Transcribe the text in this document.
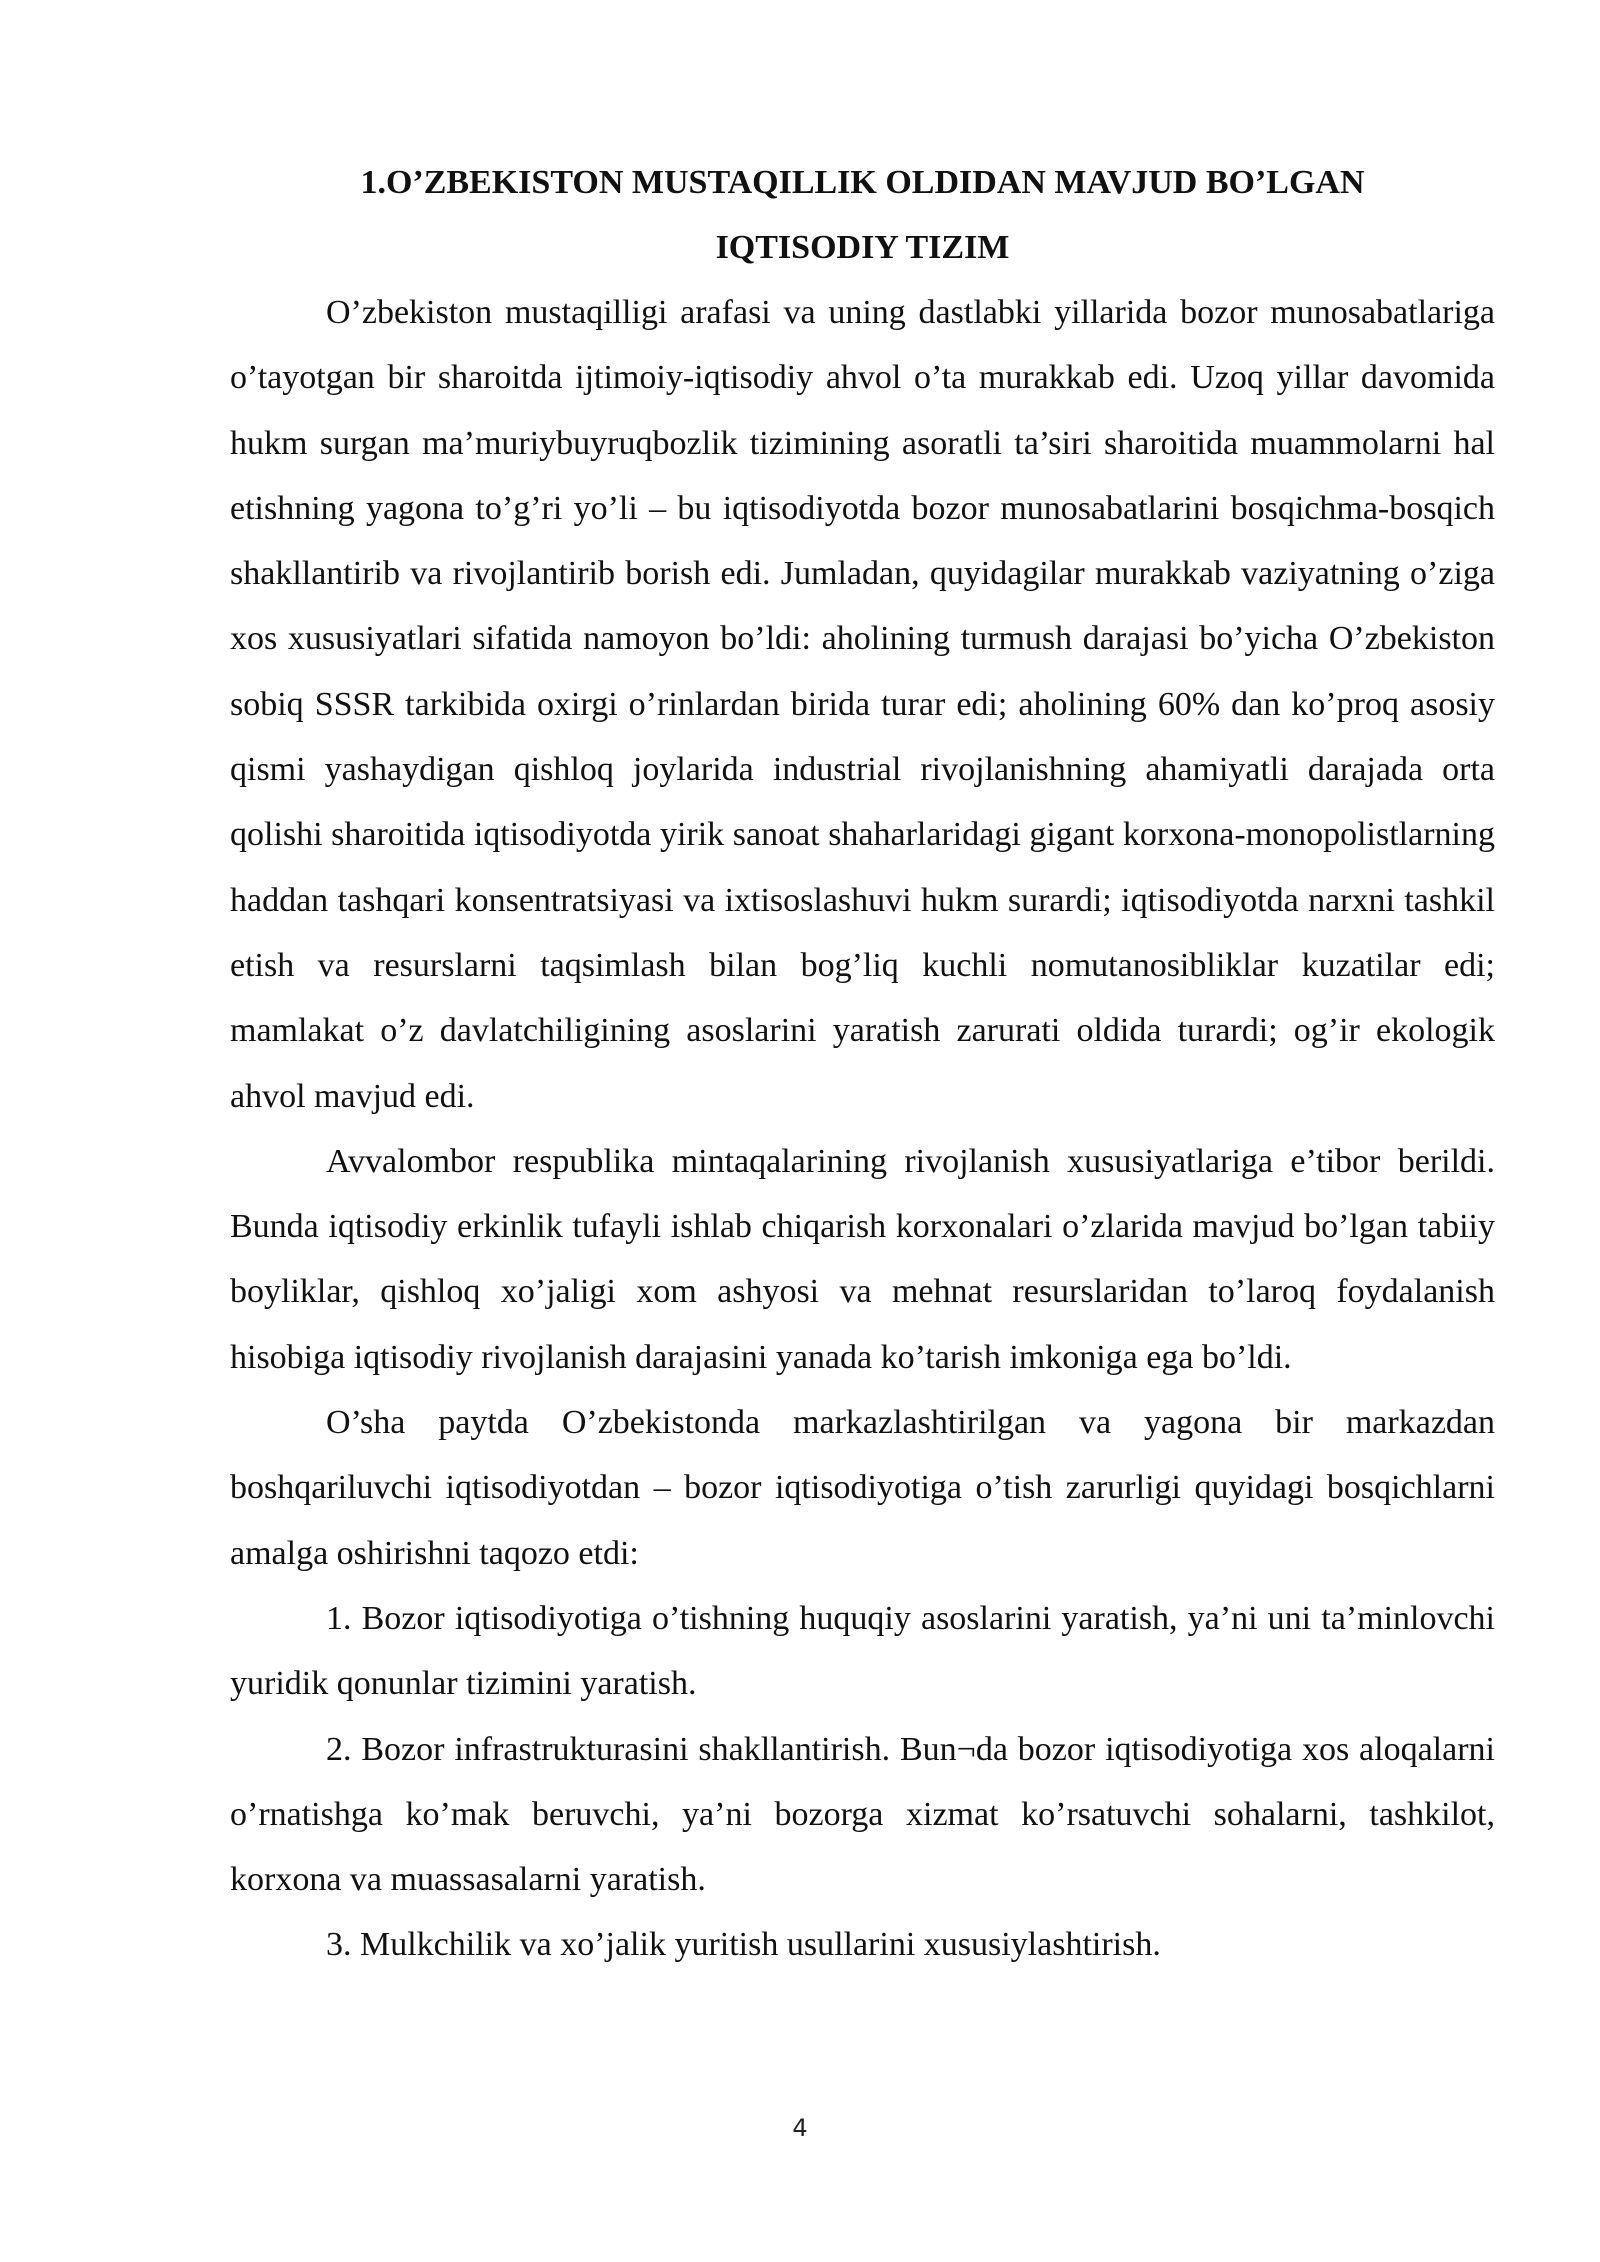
1.O’ZBEKISTON MUSTAQILLIK OLDIDAN MAVJUD BO’LGAN

IQTISODIY TIZIM

O’zbekiston mustaqilligi arafasi va uning dastlabki yillarida bozor munosabatlariga o’tayotgan bir sharoitda ijtimoiy-iqtisodiy ahvol o’ta murakkab edi. Uzoq yillar davomida hukm surgan ma’muriybuyruqbozlik tizimining asoratli ta’siri sharoitida muammolarni hal etishning yagona to’g’ri yo’li – bu iqtisodiyotda bozor munosabatlarini bosqichma-bosqich shakllantirib va rivojlantirib borish edi. Jumladan, quyidagilar murakkab vaziyatning o’ziga xos xususiyatlari sifatida namoyon bo’ldi: aholining turmush darajasi bo’yicha O’zbekiston sobiq SSSR tarkibida oxirgi o’rinlardan birida turar edi; aholining 60% dan ko’proq asosiy qismi yashaydigan qishloq joylarida industrial rivojlanishning ahamiyatli darajada orta qolishi sharoitida iqtisodiyotda yirik sanoat shaharlaridagi gigant korxona-monopolistlarning haddan tashqari konsentratsiyasi va ixtisoslashuvi hukm surardi; iqtisodiyotda narxni tashkil etish va resurslarni taqsimlash bilan bog’liq kuchli nomutanosibliklar kuzatilar edi; mamlakat o’z davlatchiligining asoslarini yaratish zarurati oldida turardi; og’ir ekologik ahvol mavjud edi.

Avvalombor respublika mintaqalarining rivojlanish xususiyatlariga e’tibor berildi. Bunda iqtisodiy erkinlik tufayli ishlab chiqarish korxonalari o’zlarida mavjud bo’lgan tabiiy boyliklar, qishloq xo’jaligi xom ashyosi va mehnat resurslaridan to’laroq foydalanish hisobiga iqtisodiy rivojlanish darajasini yanada ko’tarish imkoniga ega bo’ldi.

O’sha paytda O’zbekistonda markazlashtirilgan va yagona bir markazdan boshqariluvchi iqtisodiyotdan – bozor iqtisodiyotiga o’tish zarurligi quyidagi bosqichlarni amalga oshirishni taqozo etdi:

1. Bozor iqtisodiyotiga o’tishning huquqiy asoslarini yaratish, ya’ni uni ta’minlovchi yuridik qonunlar tizimini yaratish.

2. Bozor infrastrukturasini shakllantirish. Bun¬da bozor iqtisodiyotiga xos aloqalarni o’rnatishga ko’mak beruvchi, ya’ni bozorga xizmat ko’rsatuvchi sohalarni, tashkilot, korxona va muassasalarni yaratish.

3. Mulkchilik va xo’jalik yuritish usullarini xususiylashtirish.

4
